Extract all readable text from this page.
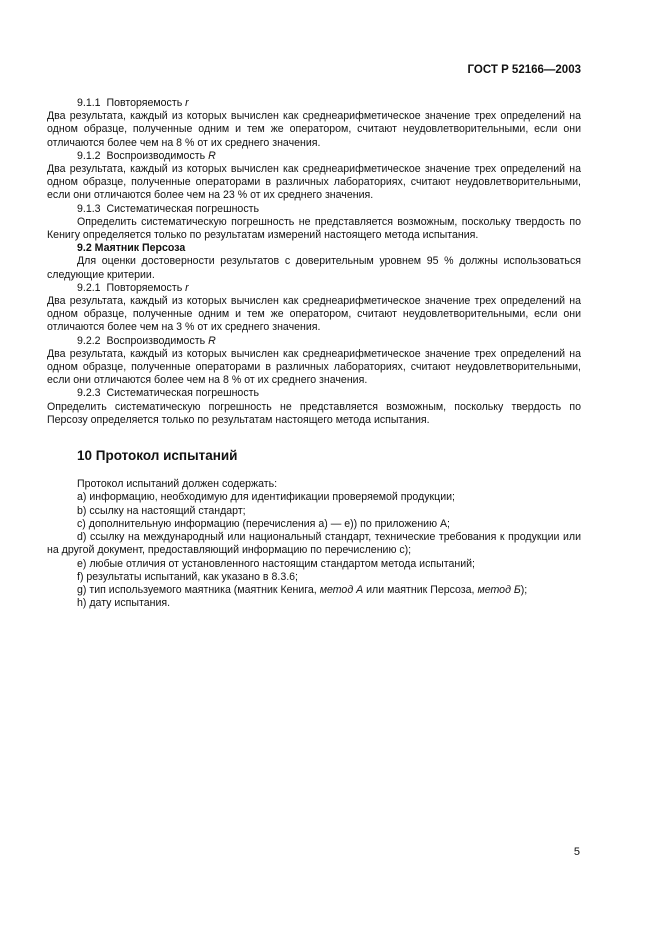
ГОСТ Р 52166—2003

9.1.1 Повторяемость r

Два результата, каждый из которых вычислен как среднеарифметическое значение трех определений на одном образце, полученные одним и тем же оператором, считают неудовлетворительными, если они отличаются более чем на 8 % от их среднего значения.

9.1.2 Воспроизводимость R

Два результата, каждый из которых вычислен как среднеарифметическое значение трех определений на одном образце, полученные операторами в различных лабораториях, считают неудовлетворительными, если они отличаются более чем на 23 % от их среднего значения.

9.1.3 Систематическая погрешность

Определить систематическую погрешность не представляется возможным, поскольку твердость по Кенигу определяется только по результатам измерений настоящего метода испытания.

9.2 Маятник Персоза

Для оценки достоверности результатов с доверительным уровнем 95 % должны использоваться следующие критерии.

9.2.1 Повторяемость r

Два результата, каждый из которых вычислен как среднеарифметическое значение трех определений на одном образце, полученные одним и тем же оператором, считают неудовлетворительными, если они отличаются более чем на 3 % от их среднего значения.

9.2.2 Воспроизводимость R

Два результата, каждый из которых вычислен как среднеарифметическое значение трех определений на одном образце, полученные операторами в различных лабораториях, считают неудовлетворительными, если они отличаются более чем на 8 % от их среднего значения.

9.2.3 Систематическая погрешность

Определить систематическую погрешность не представляется возможным, поскольку твердость по Персозу определяется только по результатам настоящего метода испытания.

10 Протокол испытаний

Протокол испытаний должен содержать:

a) информацию, необходимую для идентификации проверяемой продукции;

b) ссылку на настоящий стандарт;

c) дополнительную информацию (перечисления а) — е)) по приложению А;

d) ссылку на международный или национальный стандарт, технические требования к продукции или на другой документ, предоставляющий информацию по перечислению с);

e) любые отличия от установленного настоящим стандартом метода испытаний;

f) результаты испытаний, как указано в 8.3.6;

g) тип используемого маятника (маятник Кенига, метод А или маятник Персоза, метод Б);

h) дату испытания.

5
